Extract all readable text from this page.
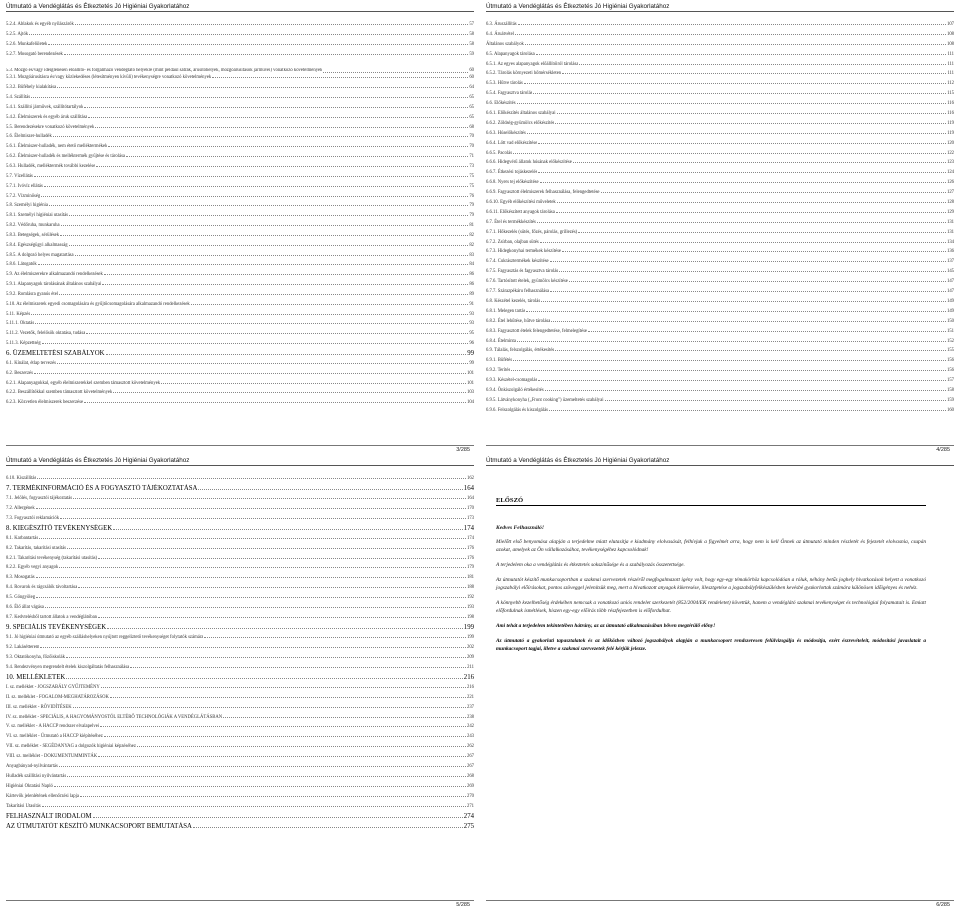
Útmutató a Vendéglátás és Étkeztetés Jó Higiéniai Gyakorlatához
5.2.4. Ablakok és egyéb nyílászárók	57
5.2.5. Ajtók	58
5.2.6. Munkafelületek	58
5.2.7. Mosogató berendezések	59
5.3. Mozgó és/vagy ideiglenesen előállító- és forgalmazó vendéglátó helyekre (mint például sátrak, árusítóhelyek, mozgóárusítások járművei) vonatkozó követelmények	60
5.3.1. Mozgóárusításra és/vagy közlekedéses (létesítményen kívüli) tevékenységre vonatkozó követelmények	60
5.3.2. Büféhely kialakítása	64
5.4. Szállítás	65
5.4.1. Szállító járművek, szállítótartályok	65
5.4.2. Élelmiszerek és egyéb áruk szállítása	65
5.5. Berendezésekre vonatkozó követelmények	68
5.6. Élelmiszer-hulladék	70
5.6.1. Élelmiszer-hulladék, nem étető melléktermékek	70
5.6.2. Élelmiszer-hulladék és melléktermék gyűjtése és tárolása	71
5.6.3. Hulladék, melléktermék további kezelése	73
5.7. Vízellátás	75
5.7.1. Ivóvíz ellátás	75
5.7.2. Vízminőség	76
5.8. Személyi higiénia	79
5.8.1. Személyi higiéniai utasítás	79
5.8.2. Védőruha, munkaruha	81
5.8.3. Betegségek, sérülések	82
5.8.4. Egészségügyi alkalmasság	82
5.8.5. A dolgozó helyes magatartása	83
5.8.6. Látogatók	84
5.9. Az élelmiszerekre alkalmazandó rendelkezések	86
5.9.1. Alapanyagok tárolásának általános szabályai	86
5.9.2. Romlásra gyanús étel	89
5.10. Az élelmiszerek egyedi csomagolására és gyűjtőcsomagolására alkalmazandó rendelkezések	91
5.11. Képzés	93
5.11.1. Oktatás	93
5.11.2. Vezetők, felelősök oktatása, tudása	95
5.11.3. Képzettség	96
6. ÜZEMELTETÉSI SZABÁLYOK	99
6.1. Kínálat, étlap tervezés	99
6.2. Beszerzés	101
6.2.1. Alapanyagokkal, egyéb élelmiszerekkel szemben támasztott követelmények	101
6.2.2. Beszállítókkal szemben támasztott követelmények	103
6.2.3. Közvetlen élelmiszerek beszerzése	104
3/285
Útmutató a Vendéglátás és Étkeztetés Jó Higiéniai Gyakorlatához
6.3. Áruszállítás	107
6.4. Áruátvétel	108
Általános szabályok	108
6.5. Alapanyagok tárolása	111
6.5.1. Az egyes alapanyagok előállítóiról tárolása	111
6.5.2. Tárolás környezeti hőmérsékleten	111
6.5.3. Hűtve tárolás	112
6.5.4. Fagyasztva tárolás	115
6.6. Előkészítés	116
6.6.1. Előkészítés általános szabályai	116
6.6.2. Zöldség-gyümölcs előkészítés	119
6.6.3. Húselőkészítés	119
6.6.4. Lött vad előkészítése	120
6.6.5. Pacolás	122
6.6.6. Hidegvérű állatok húsának előkészítése	123
6.6.7. Étkezési tojáskezelés	124
6.6.8. Nyers tej előkészítése	126
6.6.9. Fagyasztott élelmiszerek felhasználása, felengedtetése	127
6.6.10. Egyéb előkészítési műveletek	128
6.6.11. Előkészített anyagok tárolása	129
6.7. Étel és termékkészítés	131
6.7.1. Hőkezelés (sütés, főzés, párolás, grillezés)	131
6.7.2. Zsírban, olajban sütés	134
6.7.3. Hidegkonyhai termékek készítése	136
6.7.4. Cukrásztermékek készítése	137
6.7.5. Fagyasztás és fagyasztva tárolás	145
6.7.6. Tartósított ételek, gyümölcs készítése	147
6.7.7. Szárazpékáru felhasználása	147
6.8. Készétel kezelés, tárolás	149
6.8.1. Melegen tartás	149
6.8.2. Étel lehűtése, hűtve tárolása	150
6.8.3. Fagyasztott ételek felengedtetése, felmelegítése	151
6.8.4. Ételminta	152
6.9. Tálalás, felszolgálás, értékesítés	155
6.9.1. Büfétés	156
6.9.2. Terítés	156
6.9.3. Készétel-csomagolás	157
6.9.4. Önkiszolgáló értékesítés	158
6.9.5. Látványkonyha („Front cooking") üzemeltetés szabályai	159
6.9.6. Felszolgálás és kiszolgálás	160
4/285
Útmutató a Vendéglátás és Étkeztetés Jó Higiéniai Gyakorlatához
6.10. Kiszállítás	162
7. TERMÉKINFORMÁCIÓ ÉS A FOGYASZTÓ TÁJÉKOZTATÁSA	164
7.1. Jelölés, fogyasztói tájékoztatás	164
7.2. Allergének	170
7.3. Fogyasztói reklamációk	173
8. KIEGÉSZÍTŐ TEVÉKENYSÉGEK	174
8.1. Karbantartás	174
8.2. Takarítás, takarítási utasítás	176
8.2.1. Takarítási tevékenység (takarítási utasítás)	176
8.2.2. Egyéb vegyi anyagok	179
8.3. Mosogatás	181
8.4. Rovarok és rágcsálók távoltartása	188
8.5. Göngyöleg	192
8.6. Élő állat vágása	193
8.7. Kedvtelésből tartott állatok a vendéglátóban	198
9. SPECIÁLIS TEVÉKENYSÉGEK	199
9.1. Jó higiéniai útmutató az egyéb szálláshelyeken nyújtott reggeliztető tevékenységet folytatók számára	199
9.2. Lakásétterem	202
9.3. Oktatókonyha, főzőiskolák	209
9.4. Rendezvényen megrendelt ételek kiszolgáltatás felhasználása	211
10. MELLÉKLETEK	216
I. sz. melléklet - JOGSZABÁLY GYŰJTEMÉNY	216
II. sz. melléklet - FOGALOM-MEGHATÁROZÁSOK	221
III. sz. melléklet - RÖVIDÍTÉSEK	237
IV. sz. melléklet - SPECIÁLIS, A HAGYOMÁNYOSTÓL ELTÉRŐ TECHNOLÓGIÁK A VENDÉGLÁTÁSBAN	238
V. sz. melléklet - A HACCP rendszer elvalapelvei	242
VI. sz. melléklet - Útmutató a HACCP kiépítéséhez	243
VII. sz. melléklet - SEGÉDANYAG a dolgozók higiéniai képzéséhez	262
VIII. sz. melléklet - DOKUMENTUMMINTÁK	267
Anyagbányad-nyilvántartás	267
Hulladék szállítási nyilvántartás	268
Higiéniai Oktatási Napló	269
Kártevők jelenlétének ellenőrzési lapja	270
Takarítási Utasítás	271
FELHASZNÁLT IRODALOM	274
AZ ÚTMUTATÓT KÉSZÍTŐ MUNKACSOPORT BEMUTATÁSA	275
5/285
Útmutató a Vendéglátás és Étkeztetés Jó Higiéniai Gyakorlatához
ELŐSZÓ
Kedves Felhasználó!

Mielőtt első benyomása alapján a terjedelme miatt elutasítja e kiadmány elolvasását, felhívjuk a figyelmét arra, hogy nem is kell Önnek az útmutató minden részletét és fejezetét elolvasnia, csupán azokat, amelyek az Ön vállalkozásához, tevékenységéhez kapcsolódnak!

A terjedelem oka a vendéglátás és étkeztetés sokszínűsége és a szabályozás összetettsége.

Az útmutatót készítő munkacsoportban a szakmai szervezetek részéről megfogalmazott igény volt, hogy egy-egy témakörhöz kapcsolódóan a róluk, néhány betűs joghely hivatkozások helyett a vonatkozó jogszabályi előírásokat, pontos szöveggel jelenítsük meg, mert a hivatkozott anyagok kikeresése, illesztgetése a jogszabályfelkészülésben kevésbé gyakorlottak számára különösen időigényes és nehéz.

A könnyebb kezelhetőség érdekében nemcsak a vonatkozó uniós rendelet szerkezetét (852/2004/EK rendeletet) követtük, hanem a vendéglátó szakmai tevékenységet és technológiai folyamatait is. Emiatt előfordulnak ismétlések, hiszen egy-egy előírás több részfejezetben is előfordulhat.

Ami tehát a terjedelem tekintetében hátrány, az az útmutató alkalmazásában bőven megtérülő előny!

Az útmutató a gyakorlati tapasztalatok és az időközben változó jogszabályok alapján a munkacsoport rendszeresen felülvizsgálja és módosítja, ezért észrevételeit, módosítási javaslatait a munkacsoport tagjai, illetve a szakmai szervezetek felé kérjük jelezze.

6/285
